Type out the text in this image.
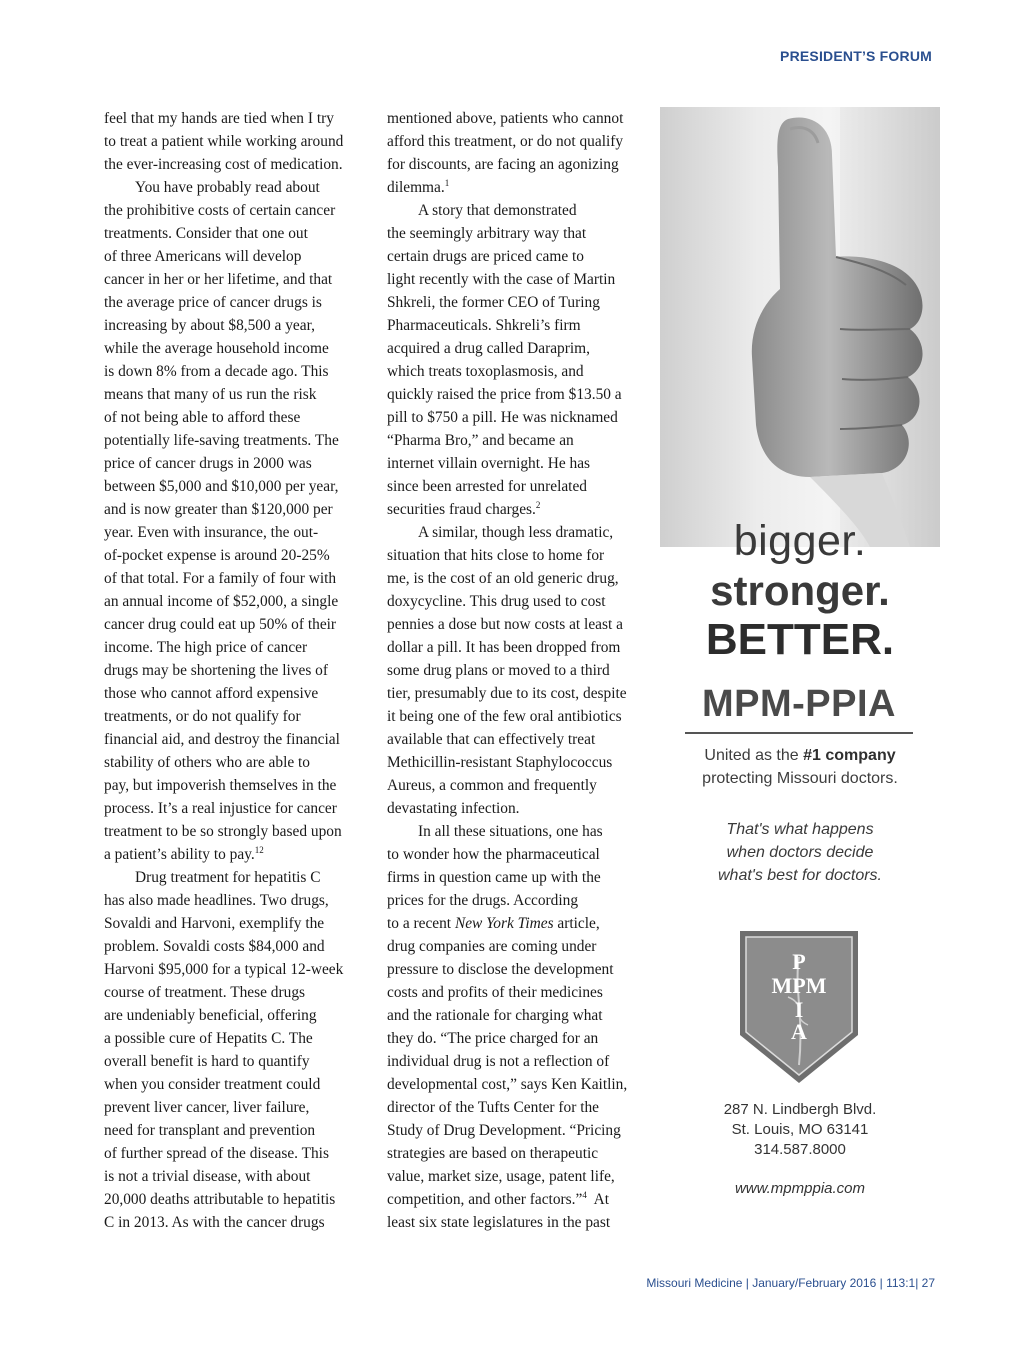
PRESIDENT’S FORUM
feel that my hands are tied when I try
to treat a patient while working around
the ever-increasing cost of medication.
You have probably read about
the prohibitive costs of certain cancer
treatments. Consider that one out
of three Americans will develop
cancer in her or her lifetime, and that
the average price of cancer drugs is
increasing by about $8,500 a year,
while the average household income
is down 8% from a decade ago. This
means that many of us run the risk
of not being able to afford these
potentially life-saving treatments. The
price of cancer drugs in 2000 was
between $5,000 and $10,000 per year,
and is now greater than $120,000 per
year. Even with insurance, the out-
of-pocket expense is around 20-25%
of that total. For a family of four with
an annual income of $52,000, a single
cancer drug could eat up 50% of their
income. The high price of cancer
drugs may be shortening the lives of
those who cannot afford expensive
treatments, or do not qualify for
financial aid, and destroy the financial
stability of others who are able to
pay, but impoverish themselves in the
process. It’s a real injustice for cancer
treatment to be so strongly based upon
a patient’s ability to pay.$^{12}$
Drug treatment for hepatitis C
has also made headlines. Two drugs,
Sovaldi and Harvoni, exemplify the
problem. Sovaldi costs $84,000 and
Harvoni $95,000 for a typical 12-week
course of treatment. These drugs
are undeniably beneficial, offering
a possible cure of Hepatits C. The
overall benefit is hard to quantify
when you consider treatment could
prevent liver cancer, liver failure,
need for transplant and prevention
of further spread of the disease. This
is not a trivial disease, with about
20,000 deaths attributable to hepatitis
C in 2013. As with the cancer drugs
mentioned above, patients who cannot
afford this treatment, or do not qualify
for discounts, are facing an agonizing
dilemma.$^1$
A story that demonstrated
the seemingly arbitrary way that
certain drugs are priced came to
light recently with the case of Martin
Shkreli, the former CEO of Turing
Pharmaceuticals. Shkreli’s firm
acquired a drug called Daraprim,
which treats toxoplasmosis, and
quickly raised the price from $13.50 a
pill to $750 a pill. He was nicknamed
“Pharma Bro,” and became an
internet villain overnight. He has
since been arrested for unrelated
securities fraud charges.$^2$
A similar, though less dramatic,
situation that hits close to home for
me, is the cost of an old generic drug,
doxycycline. This drug used to cost
pennies a dose but now costs at least a
dollar a pill. It has been dropped from
some drug plans or moved to a third
tier, presumably due to its cost, despite
it being one of the few oral antibiotics
available that can effectively treat
Methicillin-resistant Staphylococcus
Aureus, a common and frequently
devastating infection.
In all these situations, one has
to wonder how the pharmaceutical
firms in question came up with the
prices for the drugs. According
to a recent New York Times article,
drug companies are coming under
pressure to disclose the development
costs and profits of their medicines
and the rationale for charging what
they do. “The price charged for an
individual drug is not a reflection of
developmental cost,” says Ken Kaitlin,
director of the Tufts Center for the
Study of Drug Development. “Pricing
strategies are based on therapeutic
value, market size, usage, patent life,
competition, and other factors.”$^4$ At
least six state legislatures in the past
bigger.
stronger.
BETTER.
MPM-PPIA
United as the #1 company
protecting Missouri doctors.
That's what happens
when doctors decide
what's best for doctors.
P
MPM
I
A
287 N. Lindbergh Blvd.
St. Louis, MO 63141
314.587.8000
www.mpmppia.com
Missouri Medicine | January/February 2016 | 113:1| 27
